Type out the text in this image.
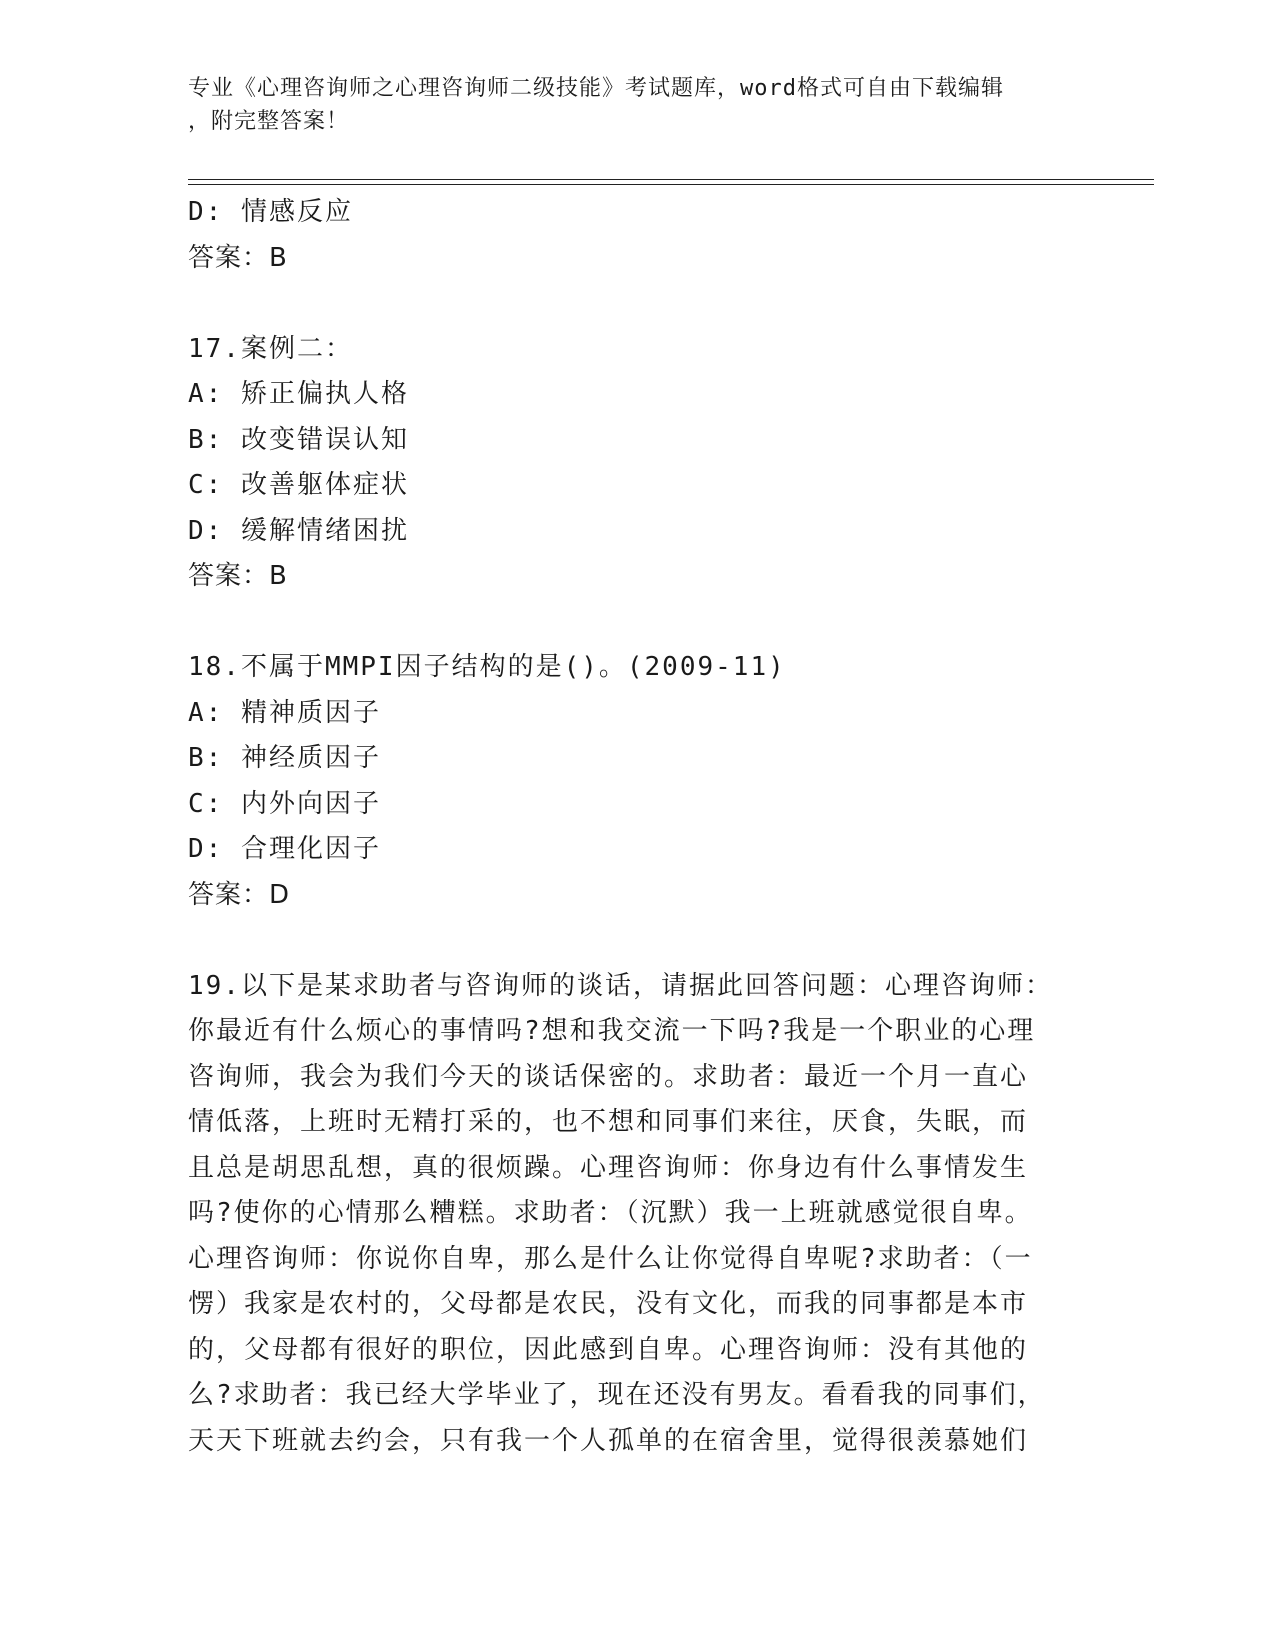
专业《心理咨询师之心理咨询师二级技能》考试题库，word格式可自由下载编辑
，附完整答案！
D: 情感反应
答案：B
17.案例二：
A: 矫正偏执人格
B: 改变错误认知
C: 改善躯体症状
D: 缓解情绪困扰
答案：B
18.不属于MMPI因子结构的是()。(2009-11)
A: 精神质因子
B: 神经质因子
C: 内外向因子
D: 合理化因子
答案：D
19.以下是某求助者与咨询师的谈话，请据此回答问题：心理咨询师：
你最近有什么烦心的事情吗?想和我交流一下吗?我是一个职业的心理
咨询师，我会为我们今天的谈话保密的。求助者：最近一个月一直心
情低落，上班时无精打采的，也不想和同事们来往，厌食，失眠，而
且总是胡思乱想，真的很烦躁。心理咨询师：你身边有什么事情发生
吗?使你的心情那么糟糕。求助者：（沉默）我一上班就感觉很自卑。
心理咨询师：你说你自卑，那么是什么让你觉得自卑呢?求助者：（一
愣）我家是农村的，父母都是农民，没有文化，而我的同事都是本市
的，父母都有很好的职位，因此感到自卑。心理咨询师：没有其他的
么?求助者：我已经大学毕业了，现在还没有男友。看看我的同事们，
天天下班就去约会，只有我一个人孤单的在宿舍里，觉得很羡慕她们
